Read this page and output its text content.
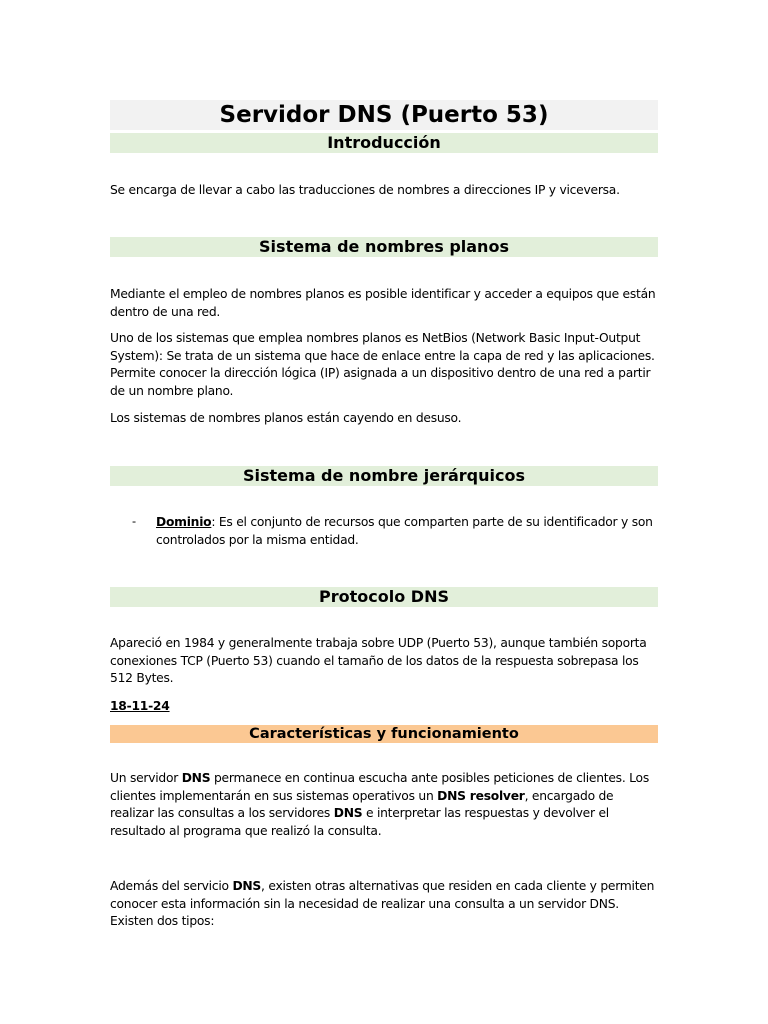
Servidor DNS (Puerto 53)
Introducción

Se encarga de llevar a cabo las traducciones de nombres a direcciones IP y viceversa.

Sistema de nombres planos

Mediante el empleo de nombres planos es posible identificar y acceder a equipos que están dentro de una red.

Uno de los sistemas que emplea nombres planos es NetBios (Network Basic Input-Output System): Se trata de un sistema que hace de enlace entre la capa de red y las aplicaciones. Permite conocer la dirección lógica (IP) asignada a un dispositivo dentro de una red a partir de un nombre plano.

Los sistemas de nombres planos están cayendo en desuso.

Sistema de nombre jerárquicos
- Dominio: Es el conjunto de recursos que comparten parte de su identificador y son controlados por la misma entidad.

Protocolo DNS

Apareció en 1984 y generalmente trabaja sobre UDP (Puerto 53), aunque también soporta conexiones TCP (Puerto 53) cuando el tamaño de los datos de la respuesta sobrepasa los 512 Bytes.

18-11-24

Características y funcionamiento

Un servidor DNS permanece en continua escucha ante posibles peticiones de clientes. Los clientes implementarán en sus sistemas operativos un DNS resolver, encargado de realizar las consultas a los servidores DNS e interpretar las respuestas y devolver el resultado al programa que realizó la consulta.

Además del servicio DNS, existen otras alternativas que residen en cada cliente y permiten conocer esta información sin la necesidad de realizar una consulta a un servidor DNS. Existen dos tipos:
